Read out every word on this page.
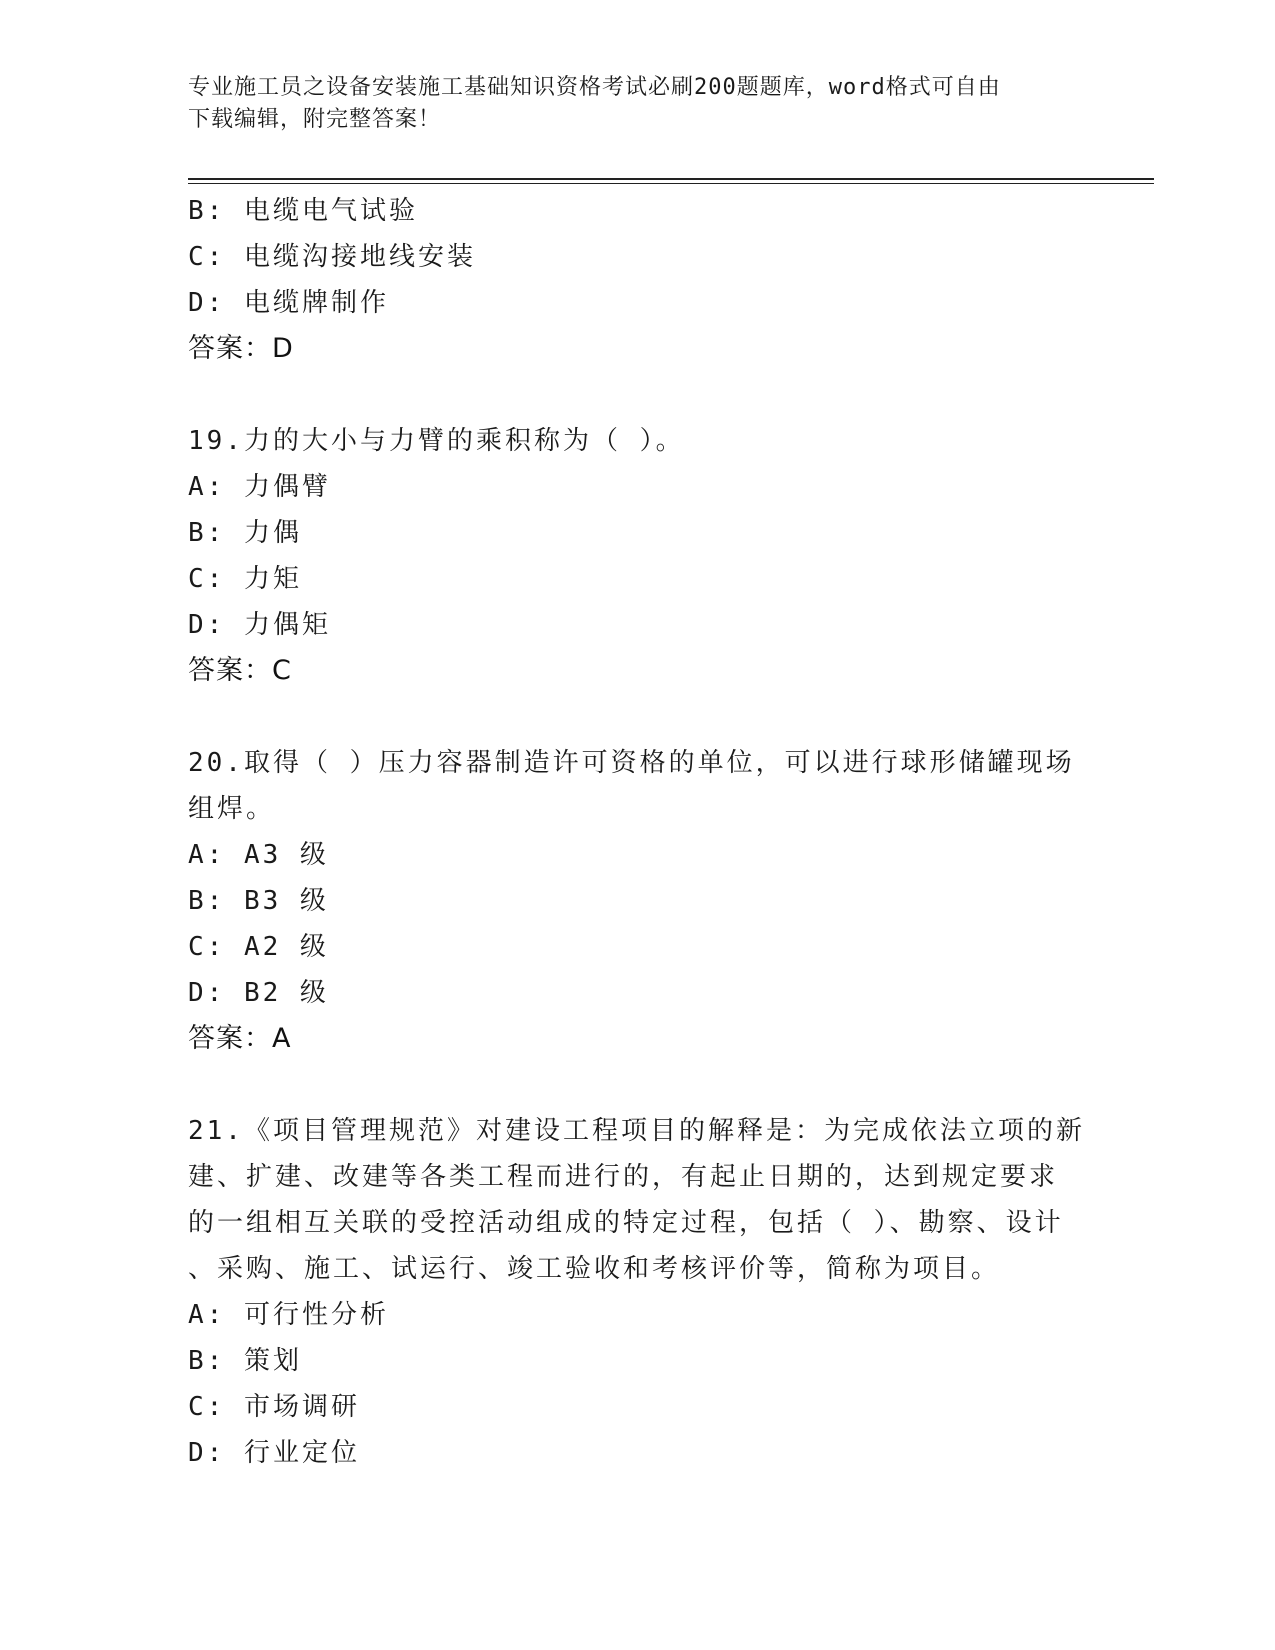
专业施工员之设备安装施工基础知识资格考试必刷200题题库，word格式可自由
下载编辑，附完整答案！
B: 电缆电气试验
C: 电缆沟接地线安装
D: 电缆牌制作
答案：D
19.力的大小与力臂的乘积称为（ ）。
A: 力偶臂
B: 力偶
C: 力矩
D: 力偶矩
答案：C
20.取得（ ）压力容器制造许可资格的单位，可以进行球形储罐现场
组焊。
A: A3 级
B: B3 级
C: A2 级
D: B2 级
答案：A
21.《项目管理规范》对建设工程项目的解释是：为完成依法立项的新
建、扩建、改建等各类工程而进行的，有起止日期的，达到规定要求
的一组相互关联的受控活动组成的特定过程，包括（ ）、勘察、设计
、采购、施工、试运行、竣工验收和考核评价等，简称为项目。
A: 可行性分析
B: 策划
C: 市场调研
D: 行业定位
